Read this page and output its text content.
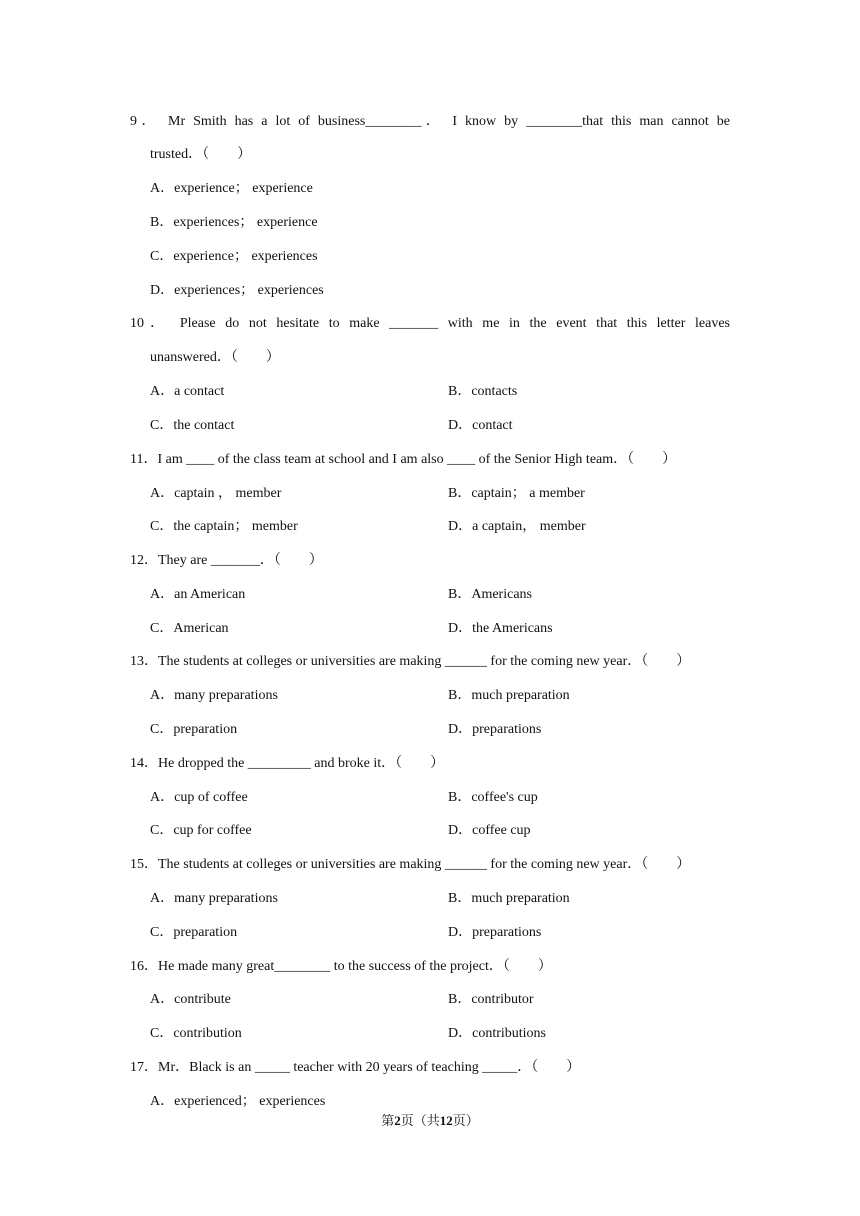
9． Mr Smith has a lot of business________． I know by ________that this man cannot be
trusted．（　　）
A．experience； experience
B．experiences； experience
C．experience； experiences
D．experiences； experiences
10． Please do not hesitate to make _______ with me in the event that this letter leaves
unanswered．（　　）
A．a contact	B．contacts
C．the contact	D．contact
11．I am ____ of the class team at school and I am also ____ of the Senior High team．（　　）
A．captain ， member	B．captain； a member
C．the captain； member	D．a captain， member
12．They are _______．（　　）
A．an American	B．Americans
C．American	D．the Americans
13．The students at colleges or universities are making ______ for the coming new year．（　　）
A．many preparations	B．much preparation
C．preparation	D．preparations
14．He dropped the _________ and broke it．（　　）
A．cup of coffee	B．coffee's cup
C．cup for coffee	D．coffee cup
15．The students at colleges or universities are making ______ for the coming new year．（　　）
A．many preparations	B．much preparation
C．preparation	D．preparations
16．He made many great________ to the success of the project．（　　）
A．contribute	B．contributor
C．contribution	D．contributions
17．Mr．Black is an _____ teacher with 20 years of teaching _____．（　　）
A．experienced； experiences
第2页（共12页）
